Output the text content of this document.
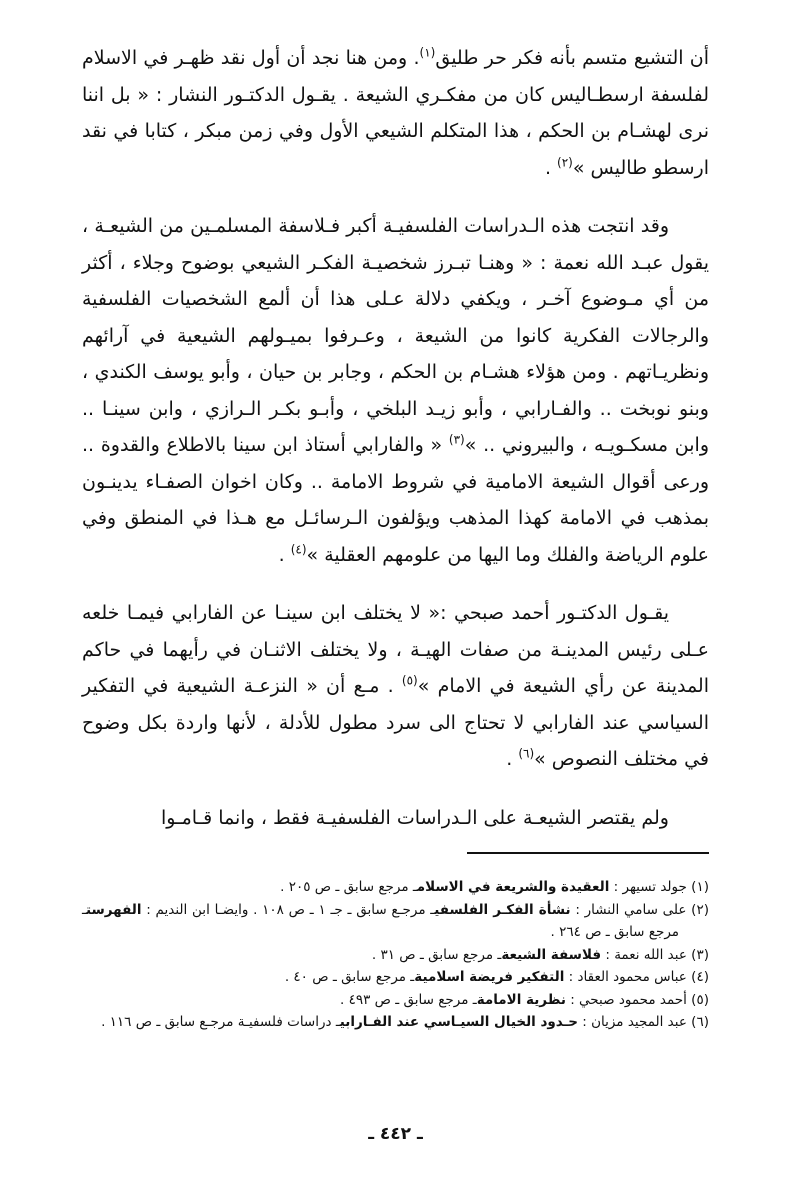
أن التشيع متسم بأنه فكر حر طليق$^{(١)}$. ومن هنا نجد أن أول نقد ظهـر في الاسلام لفلسفة ارسطـاليس كان من مفكـري الشيعة . يقـول الدكتـور النشار : « بل اننا نرى لهشـام بن الحكم ، هذا المتكلم الشيعي الأول وفي زمن مبكر ، كتابا في نقد ارسطو طاليس »$^{(٢)}$ .

وقد انتجت هذه الـدراسات الفلسفيـة أكبر فـلاسفة المسلمـين من الشيعـة ، يقول عبـد الله نعمة : « وهنـا تبـرز شخصيـة الفكـر الشيعي بوضوح وجلاء ، أكثر من أي مـوضوع آخـر ، ويكفي دلالة عـلى هذا أن ألمع الشخصيات الفلسفية والرجالات الفكرية كانوا من الشيعة ، وعـرفوا بميـولهم الشيعية في آرائهم ونظريـاتهم . ومن هؤلاء هشـام بن الحكم ، وجابر بن حيان ، وأبو يوسف الكندي ، وبنو نوبخت .. والفـارابي ، وأبو زيـد البلخي ، وأبـو بكـر الـرازي ، وابن سينـا .. وابن مسكـويـه ، والبيروني .. »$^{(٣)}$ « والفارابي أستاذ ابن سينا بالاطلاع والقدوة .. ورعى أقوال الشيعة الامامية في شروط الامامة .. وكان اخوان الصفـاء يدينـون بمذهب في الامامة كهذا المذهب ويؤلفون الـرسائـل مع هـذا في المنطق وفي علوم الرياضة والفلك وما اليها من علومهم العقلية »$^{(٤)}$ .

يقـول الدكتـور أحمد صبحي :« لا يختلف ابن سينـا عن الفارابي فيمـا خلعه عـلى رئيس المدينـة من صفات الهيـة ، ولا يختلف الاثنـان في رأيهما في حاكم المدينة عن رأي الشيعة في الامام »$^{(٥)}$ . مـع أن « النزعـة الشيعية في التفكير السياسي عند الفارابي لا تحتاج الى سرد مطول للأدلة ، لأنها واردة بكل وضوح في مختلف النصوص »$^{(٦)}$ .

ولم يقتصر الشيعـة على الـدراسات الفلسفيـة فقط ، وانما قـامـوا

(١) جولد تسيهر : العقيدة والشريعة في الاسلامـ مرجع سابق ـ ص ٢٠٥ .

(٢) على سامي النشار : نشأة الفكـر الفلسفيـ مرجـع سابق ـ جـ ١ ـ ص ١٠٨ . وايضـا ابن النديم : الفهرستـ مرجع سابق ـ ص ٢٦٤ .

(٣) عبد الله نعمة : فلاسفة الشيعةـ مرجع سابق ـ ص ٣١ .

(٤) عباس محمود العقاد : التفكير فريضة اسلاميةـ مرجع سابق ـ ص ٤٠ .

(٥) أحمد محمود صبحي : نظرية الامامةـ مرجع سابق ـ ص ٤٩٣ .

(٦) عبد المجيد مزيان : حـدود الخيال السيـاسي عند الفـارابيـ دراسات فلسفيـة مرجـع سابق ـ ص ١١٦ .

ـ ٤٤٢ ـ
